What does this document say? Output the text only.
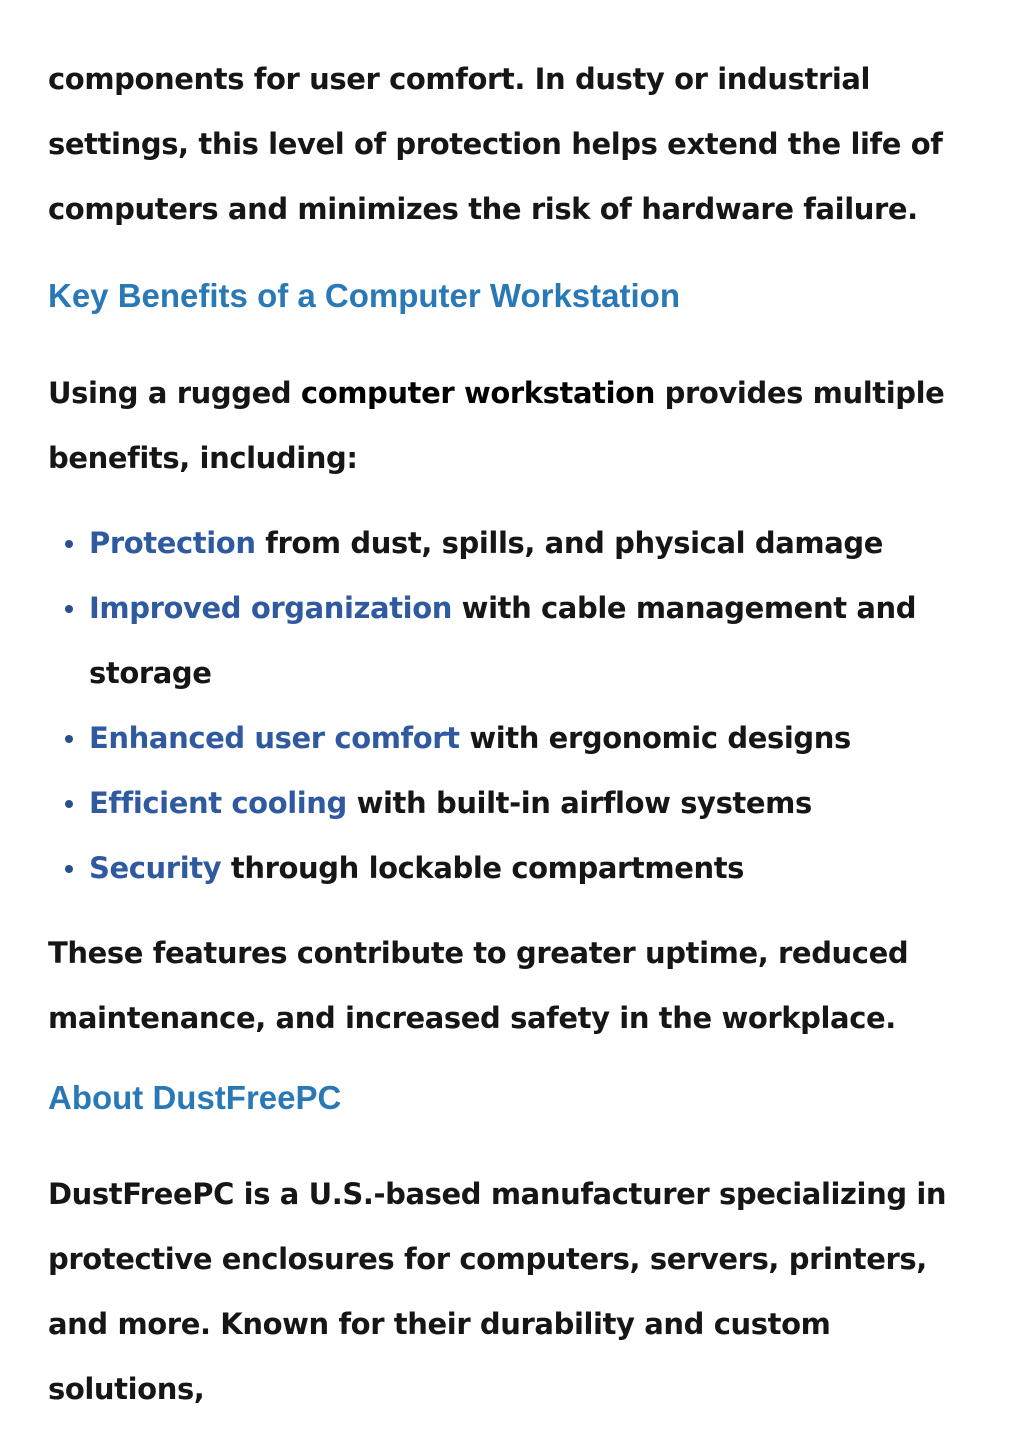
components for user comfort. In dusty or industrial settings, this level of protection helps extend the life of computers and minimizes the risk of hardware failure.

Key Benefits of a Computer Workstation

Using a rugged computer workstation provides multiple benefits, including:

Protection from dust, spills, and physical damage
Improved organization with cable management and storage
Enhanced user comfort with ergonomic designs
Efficient cooling with built-in airflow systems
Security through lockable compartments

These features contribute to greater uptime, reduced maintenance, and increased safety in the workplace.

About DustFreePC

DustFreePC is a U.S.-based manufacturer specializing in protective enclosures for computers, servers, printers, and more. Known for their durability and custom solutions,
